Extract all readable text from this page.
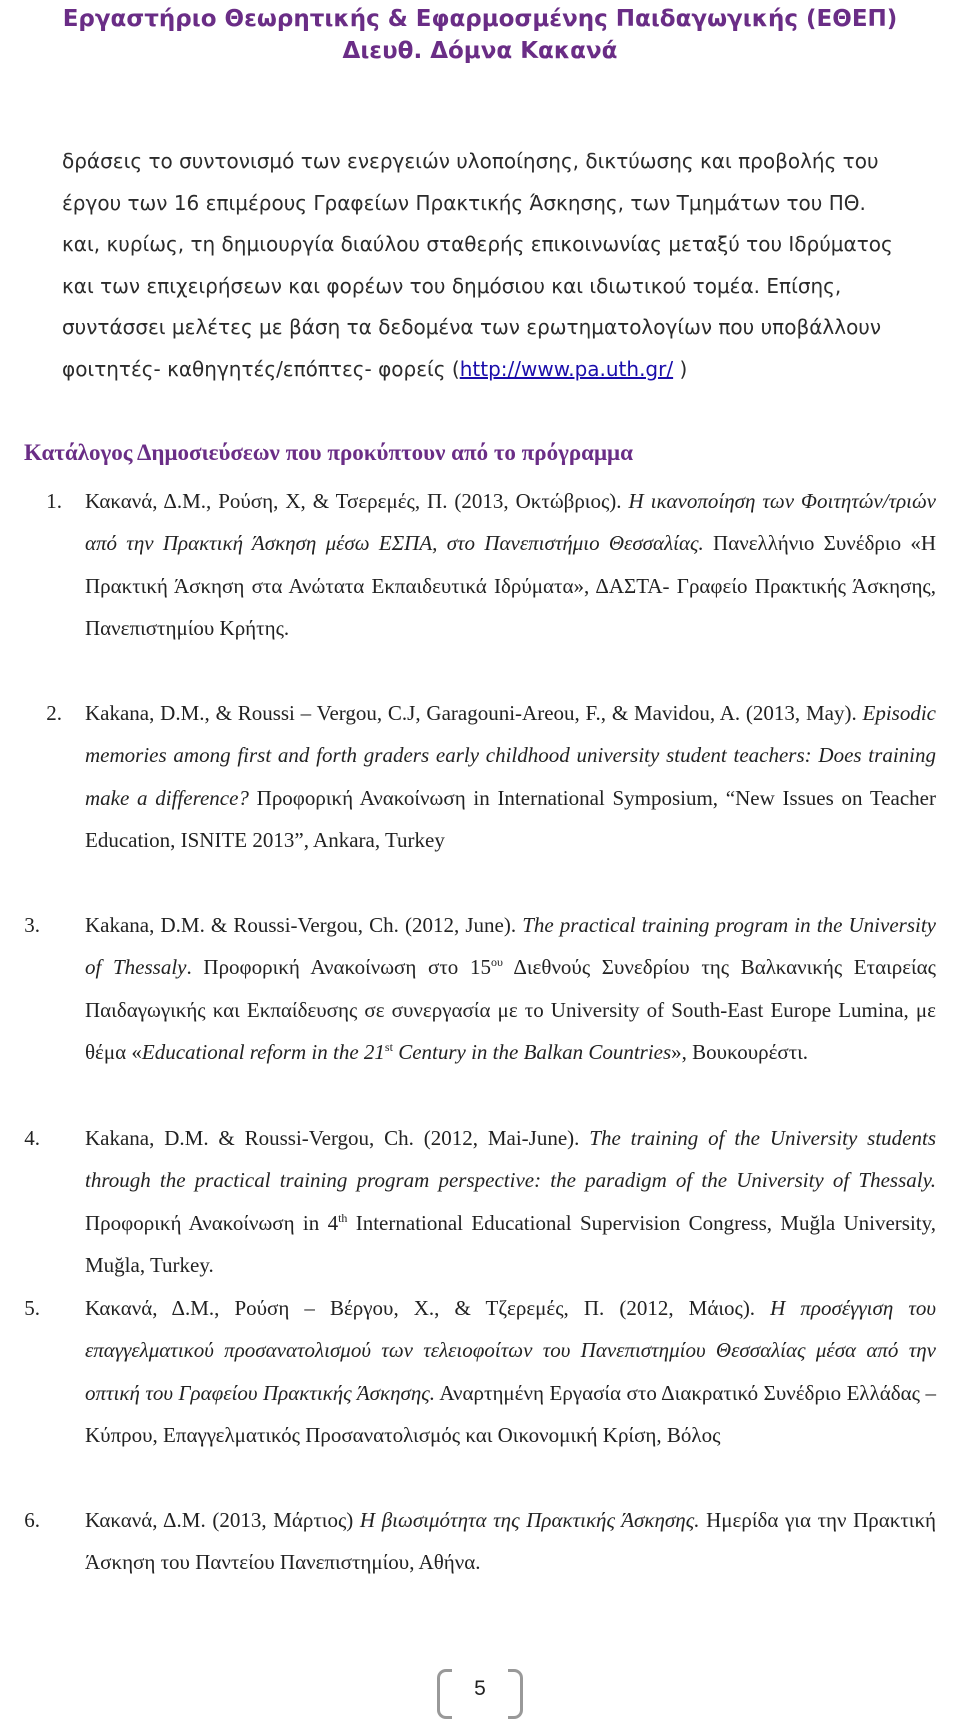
Εργαστήριο Θεωρητικής & Εφαρμοσμένης Παιδαγωγικής (ΕΘΕΠ)
Διευθ. Δόμνα Κακανά
δράσεις το συντονισμό των ενεργειών υλοποίησης, δικτύωσης και προβολής του
έργου των 16 επιμέρους Γραφείων Πρακτικής Άσκησης, των Τμημάτων του ΠΘ.
και, κυρίως, τη δημιουργία διαύλου σταθερής επικοινωνίας μεταξύ του Ιδρύματος
και των επιχειρήσεων και φορέων του δημόσιου και ιδιωτικού τομέα. Επίσης,
συντάσσει μελέτες με βάση τα δεδομένα των ερωτηματολογίων που υποβάλλουν
φοιτητές- καθηγητές/επόπτες- φορείς (http://www.pa.uth.gr/ )
Κατάλογος Δημοσιεύσεων που προκύπτουν από το πρόγραμμα
1. Κακανά, Δ.Μ., Ρούση, Χ, & Τσερεμές, Π. (2013, Οκτώβριος). Η ικανοποίηση των Φοιτητών/τριών από την Πρακτική Άσκηση μέσω ΕΣΠΑ, στο Πανεπιστήμιο Θεσσαλίας. Πανελλήνιο Συνέδριο «Η Πρακτική Άσκηση στα Ανώτατα Εκπαιδευτικά Ιδρύματα», ΔΑΣΤΑ- Γραφείο Πρακτικής Άσκησης, Πανεπιστημίου Κρήτης.
2. Kakana, D.M., & Roussi – Vergou, C.J, Garagouni-Areou, F., & Mavidou, A. (2013, May). Episodic memories among first and forth graders early childhood university student teachers: Does training make a difference? Προφορική Ανακοίνωση in International Symposium, “New Issues on Teacher Education, ISNITE 2013”, Ankara, Turkey
3. Kakana, D.M. & Roussi-Vergou, Ch. (2012, June). The practical training program in the University of Thessaly. Προφορική Ανακοίνωση στο $15^{o\upsilon}$ Διεθνούς Συνεδρίου της Βαλκανικής Εταιρείας Παιδαγωγικής και Εκπαίδευσης σε συνεργασία με το University of South-East Europe Lumina, με θέμα «Educational reform in the 21st Century in the Balkan Countries», Βουκουρέστι.
4. Kakana, D.M. & Roussi-Vergou, Ch. (2012, Mai-June). The training of the University students through the practical training program perspective: the paradigm of the University of Thessaly. Προφορική Ανακοίνωση in 4th International Educational Supervision Congress, Muğla University, Muğla, Turkey.
5. Κακανά, Δ.Μ., Ρούση – Βέργου, Χ., & Τζερεμές, Π. (2012, Μάιος). Η προσέγγιση του επαγγελματικού προσανατολισμού των τελειοφοίτων του Πανεπιστημίου Θεσσαλίας μέσα από την οπτική του Γραφείου Πρακτικής Άσκησης. Αναρτημένη Εργασία στο Διακρατικό Συνέδριο Ελλάδας – Κύπρου, Επαγγελματικός Προσανατολισμός και Οικονομική Κρίση, Βόλος
6. Κακανά, Δ.Μ. (2013, Μάρτιος) Η βιωσιμότητα της Πρακτικής Άσκησης. Ημερίδα για την Πρακτική Άσκηση του Παντείου Πανεπιστημίου, Αθήνα.
5
